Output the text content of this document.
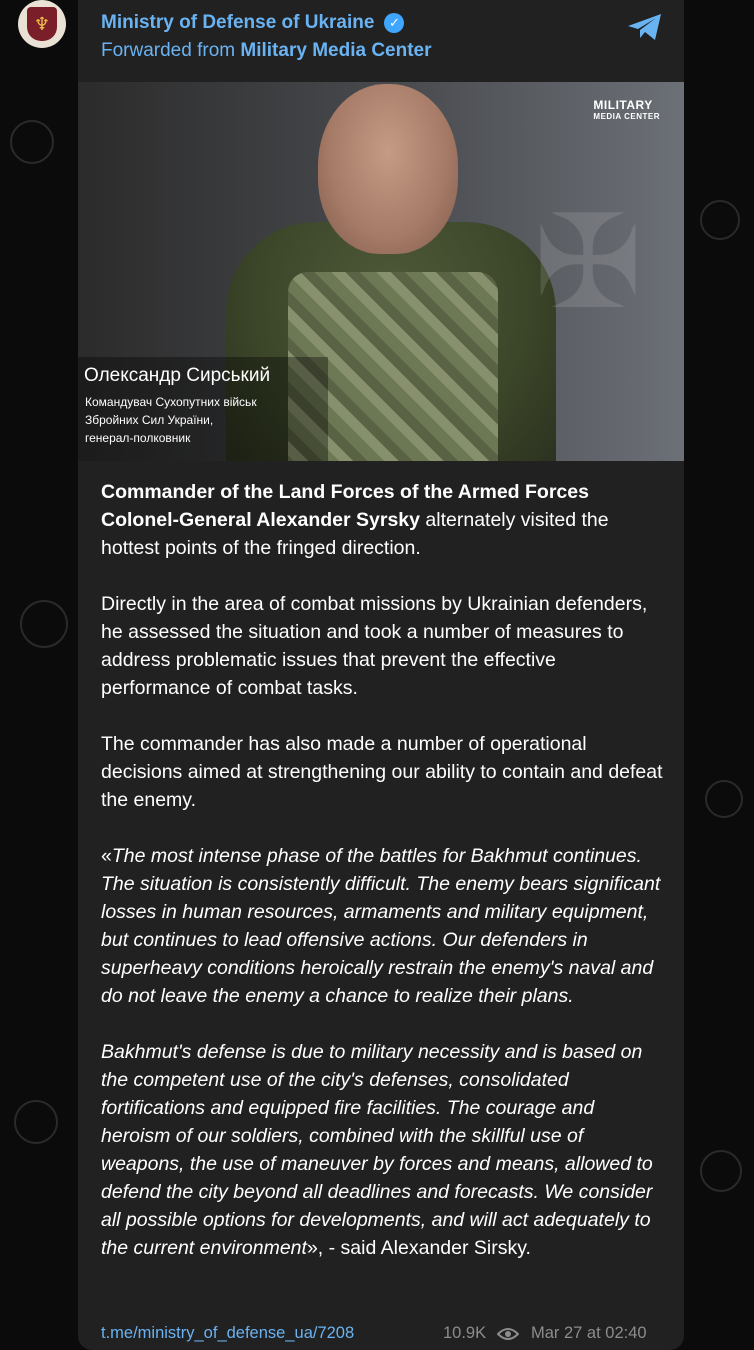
♆	Ministry of Defense of Ukraine	✓
Forwarded from Military Media Center
✠
MILITARY
MEDIA CENTER
Олександр Сирський
Командувач Сухопутних військ
Збройних Сил України,
генерал-полковник

Commander of the Land Forces of the Armed Forces Colonel-General Alexander Syrsky alternately visited the hottest points of the fringed direction.

Directly in the area of combat missions by Ukrainian defenders, he assessed the situation and took a number of measures to address problematic issues that prevent the effective performance of combat tasks.

The commander has also made a number of operational decisions aimed at strengthening our ability to contain and defeat the enemy.

«The most intense phase of the battles for Bakhmut continues. The situation is consistently difficult. The enemy bears significant losses in human resources, armaments and military equipment, but continues to lead offensive actions. Our defenders in superheavy conditions heroically restrain the enemy's naval and do not leave the enemy a chance to realize their plans.

Bakhmut's defense is due to military necessity and is based on the competent use of the city's defenses, consolidated fortifications and equipped fire facilities. The courage and heroism of our soldiers, combined with the skillful use of weapons, the use of maneuver by forces and means, allowed to defend the city beyond all deadlines and forecasts. We consider all possible options for developments, and will act adequately to the current environment», - said Alexander Sirsky.

t.me/ministry_of_defense_ua/7208	10.9K	Mar 27 at 02:40
